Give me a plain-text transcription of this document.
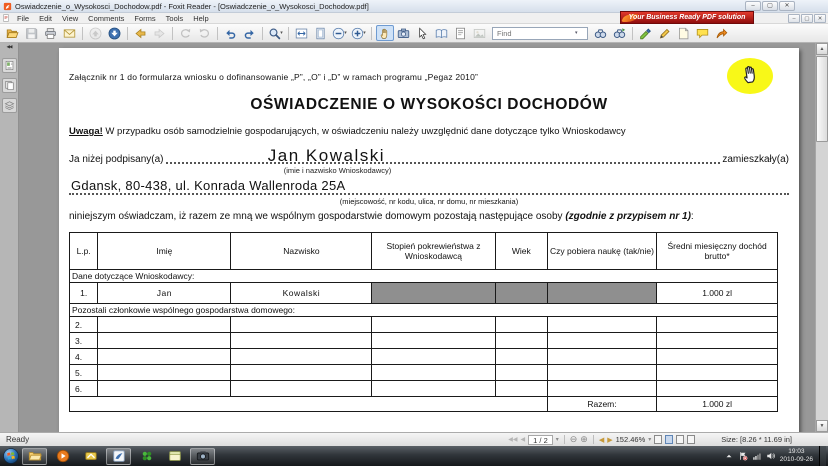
Oswiadczenie_o_Wysokosci_Dochodow.pdf - Foxit Reader - [Oswiadczenie_o_Wysokosci_Dochodow.pdf]	–	▢	✕
File	Edit	View	Comments	Forms	Tools	Help	Your Business Ready PDF solution	–	▢	✕
▾	▾	▾
Find	▾
◀◀
Załącznik nr 1 do formularza wniosku o dofinansowanie „P”, „O” i „D” w ramach programu „Pegaz 2010”
OŚWIADCZENIE O WYSOKOŚCI DOCHODÓW

Uwaga! W przypadku osób samodzielnie gospodarujących, w oświadczeniu należy uwzględnić dane dotyczące tylko Wnioskodawcy

Ja niżej podpisany(a)	Jan Kowalski
(imie i nazwisko Wnioskodawcy)
zamieszkały(a)
Gdansk, 80-438, ul. Konrada Wallenroda 25A
(miejscowość, nr kodu, ulica, nr domu, nr mieszkania)

niniejszym oświadczam, iż razem ze mną we wspólnym gospodarstwie domowym pozostają następujące osoby (zgodnie z przypisem nr 1):

L.p.	Imię	Nazwisko	Stopień pokrewieństwa z Wnioskodawcą	Wiek	Czy pobiera naukę (tak/nie)	Średni miesięczny dochód brutto*
Dane dotyczące Wnioskodawcy:						
1.	Jan	Kowalski				1.000 zl
Pozostali członkowie wspólnego gospodarstwa domowego:						
2.						
3.						
4.						
5.						
6.						
					Razem:	1.000 zl
▲
▼
Ready	◀◀ ◀	1 / 2	▾ ⊖ ⊕ ◀ ▶ 152.46% ▾	Size: [8.26 * 11.69 in]
19:03
2010-09-26
